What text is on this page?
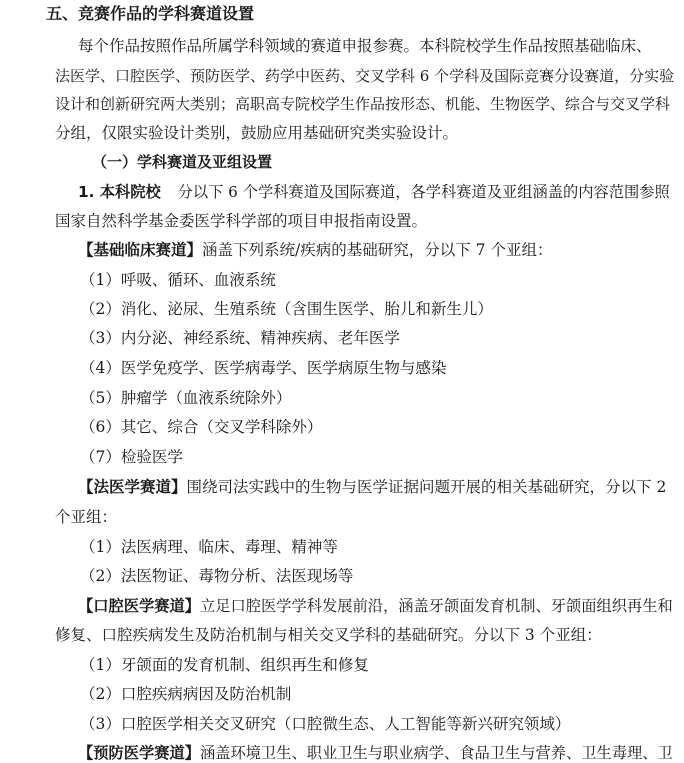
五、竞赛作品的学科赛道设置
每个作品按照作品所属学科领域的赛道申报参赛。本科院校学生作品按照基础临床、
法医学、口腔医学、预防医学、药学中医药、交叉学科 6 个学科及国际竞赛分设赛道，分实验
设计和创新研究两大类别；高职高专院校学生作品按形态、机能、生物医学、综合与交叉学科
分组，仅限实验设计类别，鼓励应用基础研究类实验设计。
（一）学科赛道及亚组设置
1. 本科院校 分以下 6 个学科赛道及国际赛道，各学科赛道及亚组涵盖的内容范围参照
国家自然科学基金委医学科学部的项目申报指南设置。
【基础临床赛道】涵盖下列系统/疾病的基础研究，分以下 7 个亚组：
（1）呼吸、循环、血液系统
（2）消化、泌尿、生殖系统（含围生医学、胎儿和新生儿）
（3）内分泌、神经系统、精神疾病、老年医学
（4）医学免疫学、医学病毒学、医学病原生物与感染
（5）肿瘤学（血液系统除外）
（6）其它、综合（交叉学科除外）
（7）检验医学
【法医学赛道】围绕司法实践中的生物与医学证据问题开展的相关基础研究，分以下 2
个亚组：
（1）法医病理、临床、毒理、精神等
（2）法医物证、毒物分析、法医现场等
【口腔医学赛道】立足口腔医学学科发展前沿，涵盖牙颌面发育机制、牙颌面组织再生和
修复、口腔疾病发生及防治机制与相关交叉学科的基础研究。分以下 3 个亚组：
（1）牙颌面的发育机制、组织再生和修复
（2）口腔疾病病因及防治机制
（3）口腔医学相关交叉研究（口腔微生态、人工智能等新兴研究领域）
【预防医学赛道】涵盖环境卫生、职业卫生与职业病学、食品卫生与营养、卫生毒理、卫
